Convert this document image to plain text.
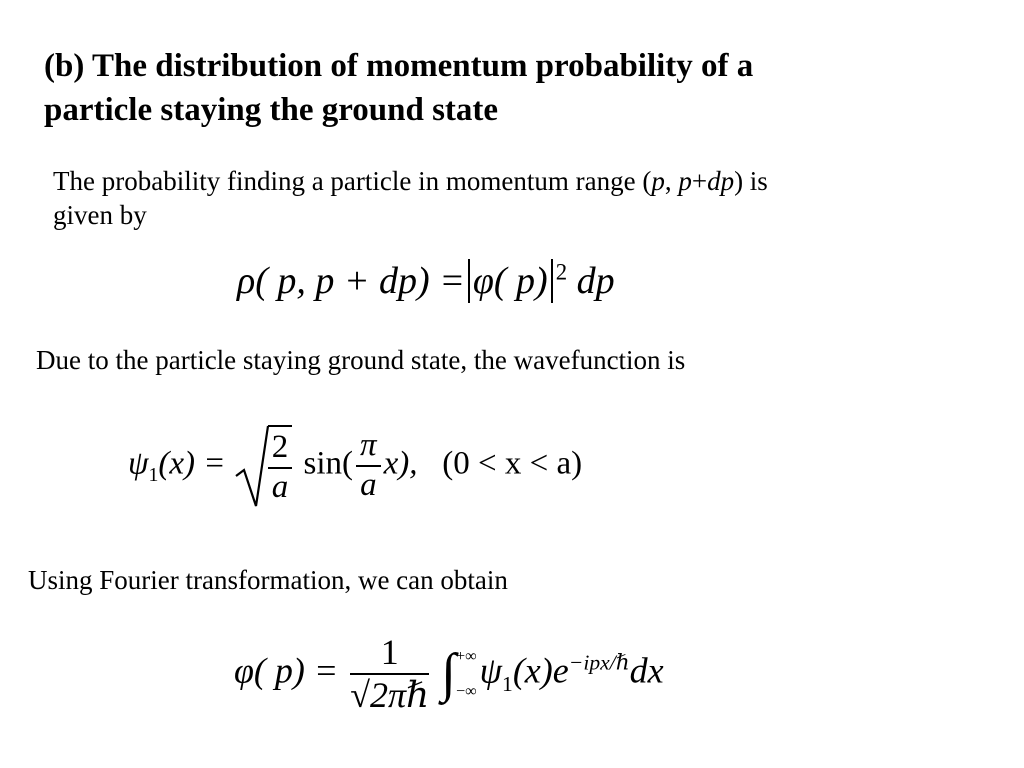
(b) The distribution of momentum probability of a
particle staying the ground state
The probability finding a particle in momentum range (p, p+dp) is
given by
ρ( p, p + dp) = φ( p) $^2$ dp
Due to the particle staying ground state, the wavefunction is
$\psi_1(x) = \frac{2}{a} \sin( \frac{\pi}{a} x)$, (0 < x < a)
Using Fourier transformation, we can obtain
φ( $p) = \frac{1}{\text{√2πℏ}}$ ∫ +∞

−∞
$\psi_1(x)e^{-ipx/\hbar}dx$
